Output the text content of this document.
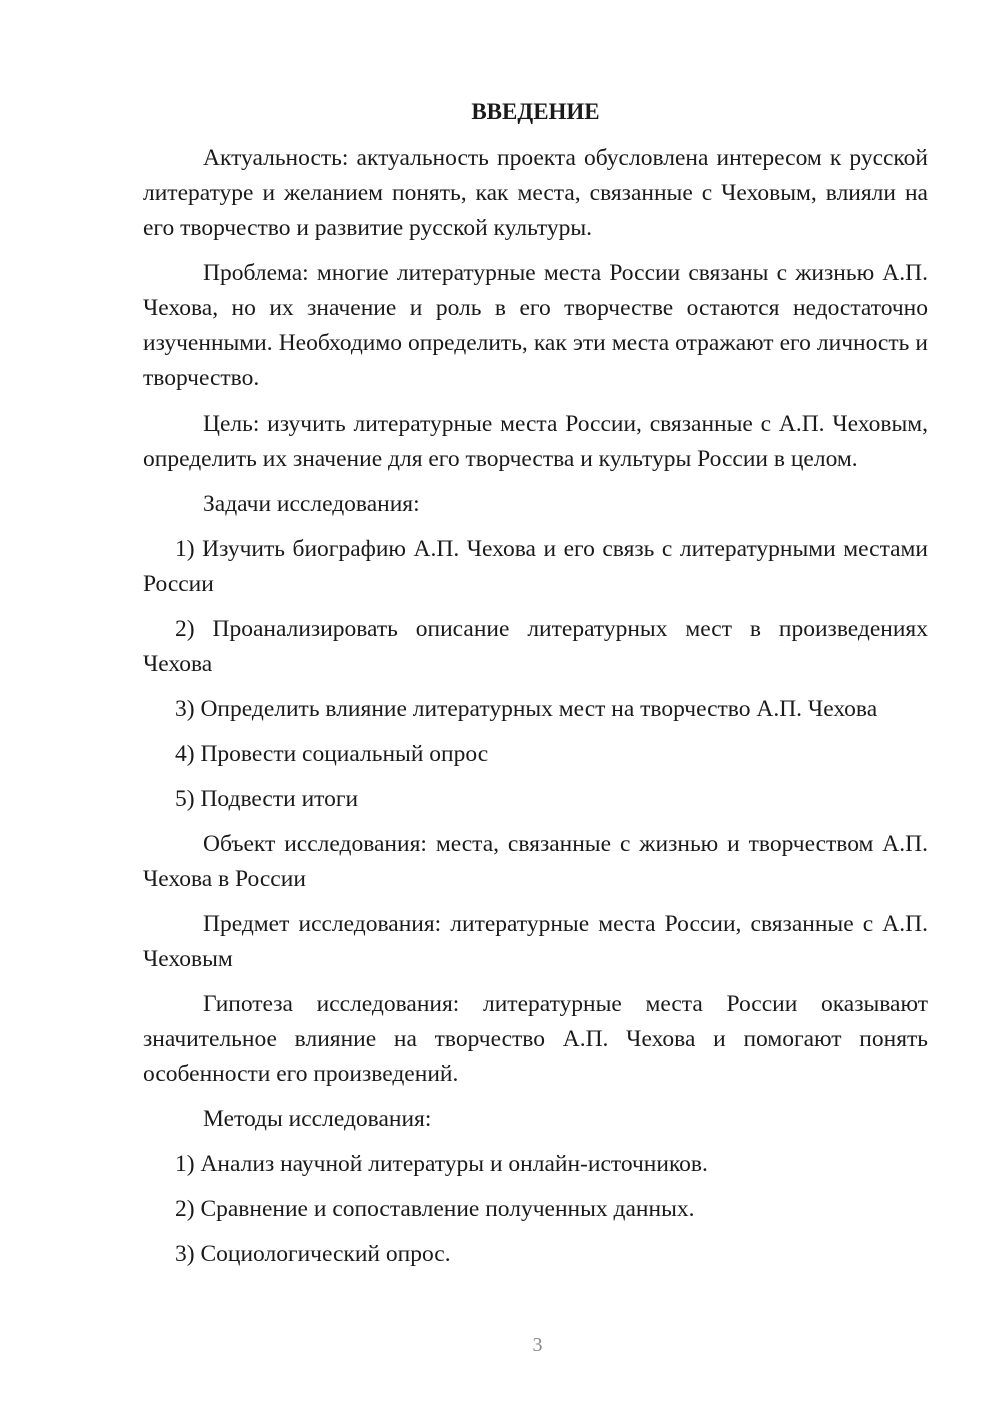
ВВЕДЕНИЕ

Актуальность: актуальность проекта обусловлена интересом к русской литературе и желанием понять, как места, связанные с Чеховым, влияли на его творчество и развитие русской культуры.

Проблема: многие литературные места России связаны с жизнью А.П. Чехова, но их значение и роль в его творчестве остаются недостаточно изученными. Необходимо определить, как эти места отражают его личность и творчество.

Цель: изучить литературные места России, связанные с А.П. Чеховым, определить их значение для его творчества и культуры России в целом.

Задачи исследования:

1) Изучить биографию А.П. Чехова и его связь с литературными местами России

2) Проанализировать описание литературных мест в произведениях Чехова

3) Определить влияние литературных мест на творчество А.П. Чехова

4) Провести социальный опрос

5) Подвести итоги

Объект исследования: места, связанные с жизнью и творчеством А.П. Чехова в России

Предмет исследования: литературные места России, связанные с А.П. Чеховым

Гипотеза исследования: литературные места России оказывают значительное влияние на творчество А.П. Чехова и помогают понять особенности его произведений.

Методы исследования:

1) Анализ научной литературы и онлайн-источников.

2) Сравнение и сопоставление полученных данных.

3) Социологический опрос.

3
